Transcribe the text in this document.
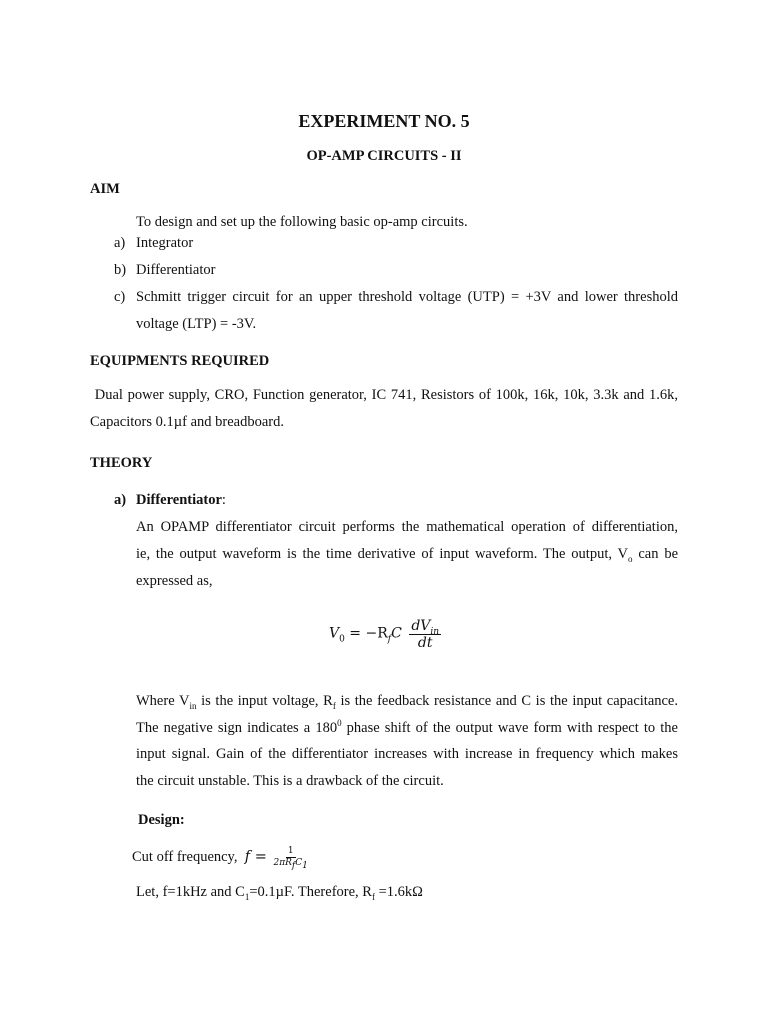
EXPERIMENT NO. 5
OP-AMP CIRCUITS - II
AIM
To design and set up the following basic op-amp circuits.
a) Integrator
b) Differentiator
c) Schmitt trigger circuit for an upper threshold voltage (UTP) = +3V and lower threshold
voltage (LTP) = -3V.
EQUIPMENTS REQUIRED
Dual power supply, CRO, Function generator, IC 741, Resistors of 100k, 16k, 10k, 3.3k and 1.6k,
Capacitors 0.1µf and breadboard.
THEORY
a) Differentiator:
An OPAMP differentiator circuit performs the mathematical operation of differentiation,
ie, the output waveform is the time derivative of input waveform. The output, $V_o$ can be
expressed as,
$V_0 = -R_fC \frac{dV_{in}}{dt}$
Where $V_{in}$ is the input voltage, $R_f$ is the feedback resistance and C is the input capacitance.
The negative sign indicates a $180^0$ phase shift of the output wave form with respect to the
input signal. Gain of the differentiator increases with increase in frequency which makes
the circuit unstable. This is a drawback of the circuit.
Design:
Cut off frequency, $f = \frac{1}{2\pi R_fC_1}$
Let, f=1kHz and $C_1=0.1\mu F$. Therefore, $R_f =1.6k\Omega$
